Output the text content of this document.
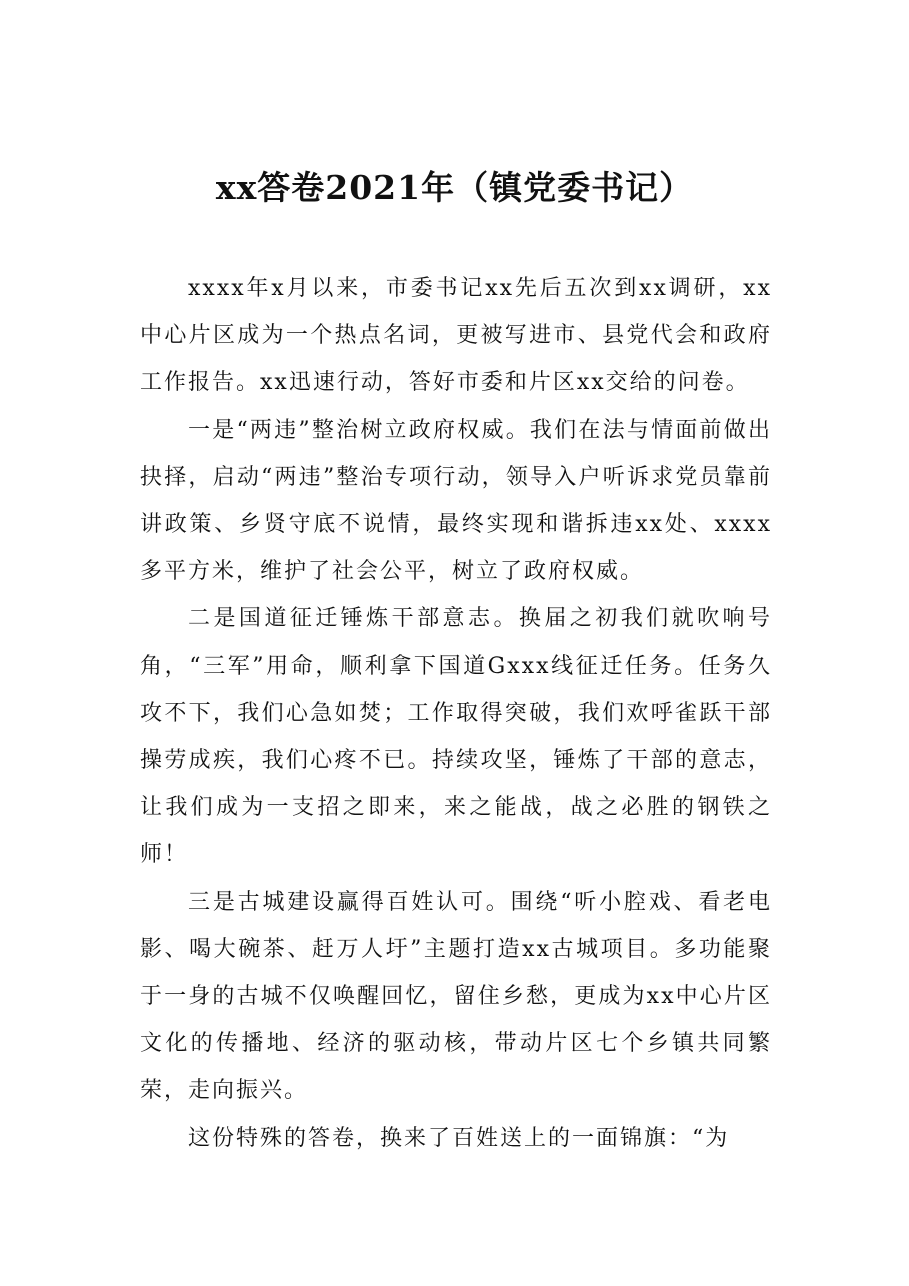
xx答卷2021年（镇党委书记）

xxxx年x月以来，市委书记xx先后五次到xx调研，xx中心片区成为一个热点名词，更被写进市、县党代会和政府工作报告。xx迅速行动，答好市委和片区xx交给的问卷。

一是“两违”整治树立政府权威。我们在法与情面前做出抉择，启动“两违”整治专项行动，领导入户听诉求党员靠前讲政策、乡贤守底不说情，最终实现和谐拆违xx处、xxxx多平方米，维护了社会公平，树立了政府权威。

二是国道征迁锤炼干部意志。换届之初我们就吹响号角，“三军”用命，顺利拿下国道Gxxx线征迁任务。任务久攻不下，我们心急如焚；工作取得突破，我们欢呼雀跃干部操劳成疾，我们心疼不已。持续攻坚，锤炼了干部的意志，让我们成为一支招之即来，来之能战，战之必胜的钢铁之师！

三是古城建设赢得百姓认可。围绕“听小腔戏、看老电影、喝大碗茶、赶万人圩”主题打造xx古城项目。多功能聚于一身的古城不仅唤醒回忆，留住乡愁，更成为xx中心片区文化的传播地、经济的驱动核，带动片区七个乡镇共同繁荣，走向振兴。

这份特殊的答卷，换来了百姓送上的一面锦旗：“为
